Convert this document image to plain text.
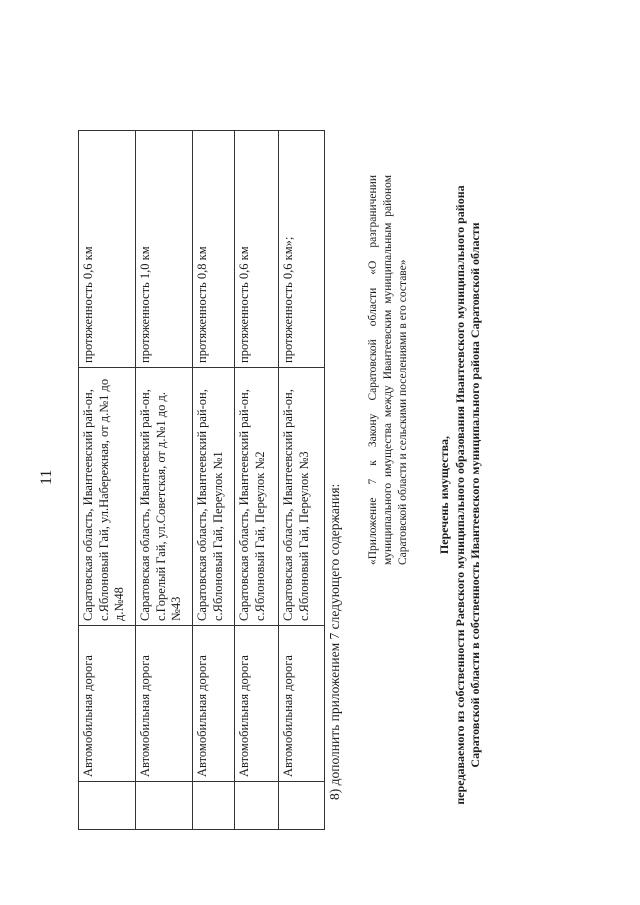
11
	Автомобильная дорога	Саратовская область, Ивантеевский рай-он, с.Яблоновый Гай, ул.Набережная, от д.№1 до д.№48	протяженность 0,6 км
	Автомобильная дорога	Саратовская область, Ивантеевский рай-он, с.Горелый Гай, ул.Советская, от д.№1 до д.№43	протяженность 1,0 км
	Автомобильная дорога	Саратовская область, Ивантеевский рай-он, с.Яблоновый Гай, Переулок №1	протяженность 0,8 км
	Автомобильная дорога	Саратовская область, Ивантеевский рай-он, с.Яблоновый Гай, Переулок №2	протяженность 0,6 км
	Автомобильная дорога	Саратовская область, Ивантеевский рай-он, с.Яблоновый Гай, Переулок №3	протяженность 0,6 км»;
8) дополнить приложением 7 следующего содержания:
«Приложение 7 к Закону Саратовской области «О разграничении муниципального имущества между Ивантеевским муниципальным районом Саратовской области и сельскими поселениями в его составе» Перечень имущества, передаваемого из собственности Раевского муниципального образования Ивантеевского муниципального района Саратовской области в собственность Ивантеевского муниципального района Саратовской области
